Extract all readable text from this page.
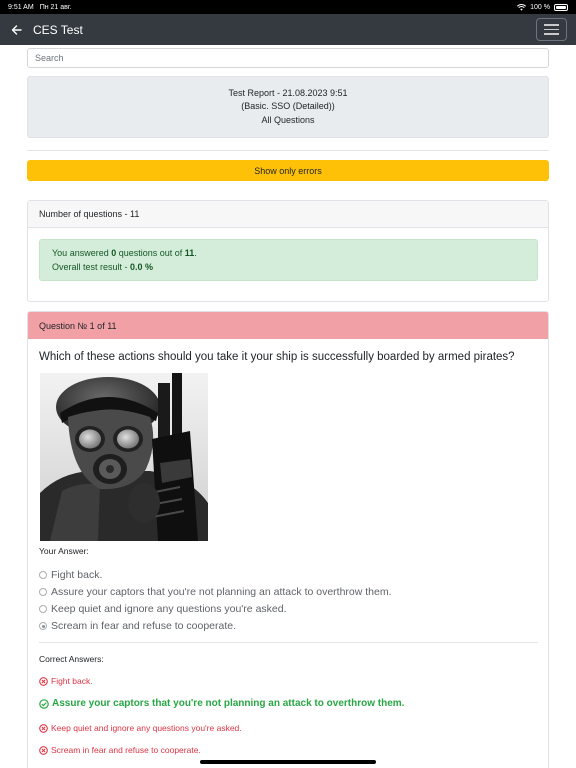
9:51 AM Пн 21 авг.	100 %
CES Test
Search
Test Report - 21.08.2023 9:51
(Basic. SSO (Detailed))
All Questions
Show only errors
Number of questions - 11
You answered 0 questions out of 11.
Overall test result - 0.0 %
Question № 1 of 11
Which of these actions should you take it your ship is successfully boarded by armed pirates?
Your Answer:
Fight back.
Assure your captors that you're not planning an attack to overthrow them.
Keep quiet and ignore any questions you're asked.
Scream in fear and refuse to cooperate.
Correct Answers:
Fight back.
Assure your captors that you're not planning an attack to overthrow them.
Keep quiet and ignore any questions you're asked.
Scream in fear and refuse to cooperate.
